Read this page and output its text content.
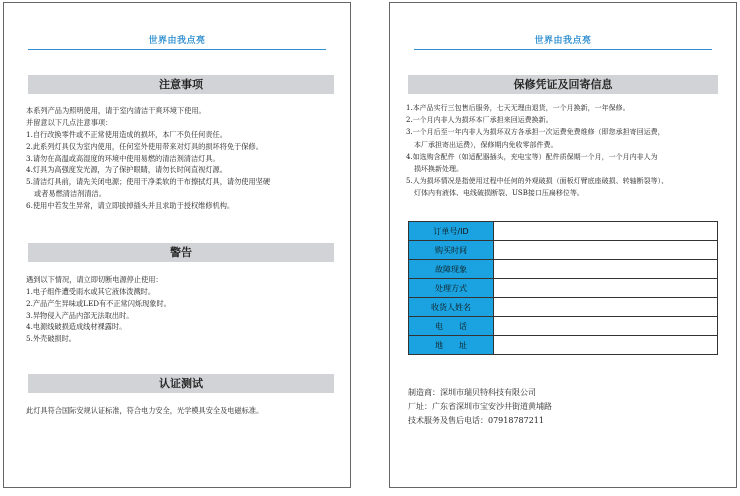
世界由我点亮
注意事项
本系列产品为照明使用，请于室内清洁干爽环境下使用。
并留意以下几点注意事项：
1.自行改换零件或不正常使用造成的损坏，本厂不负任何责任。
2.此系列灯具仅为室内使用，任何室外使用带来对灯具的损坏将免于保修。
3.请勿在高温或高湿度的环境中使用易燃的清洁剂清洁灯具。
4.灯具为高强度发光源，为了保护眼睛，请勿长时间直视灯源。
5.清洁灯具前，请先关闭电源；使用干净柔软的干布擦拭灯具，请勿使用坚硬
或者易燃清洁剂清洁。
6.使用中若发生异常，请立即拔掉插头并且求助于授权维修机构。
警告
遇到以下情况，请立即切断电源停止使用：
1.电子组件遭受雨水或其它液体泼溅时。
2.产品产生异味或LED有不正常闪烁现象时。
3.异物侵入产品内部无法取出时。
4.电源线破损造成线材裸露时。
5.外壳破损时。
认证测试
此灯具符合国际安规认证标准，符合电力安全，光学模具安全及电磁标准。
世界由我点亮
保修凭证及回寄信息
1.本产品实行三包售后服务，七天无理由退货，一个月换新，一年保修。
2.一个月内非人为损坏本厂承担来回运费换新。
3.一个月后至一年内非人为损坏双方各承担一次运费免费维修（即您承担寄回运费，
本厂承担寄出运费），保修期内免收零部件费。
4.如选购含配件（如适配器插头，充电宝等）配件质保期一个月，一个月内非人为
损坏换新处理。
5.人为损坏情况是指使用过程中任何的外观破损（面板灯臂底座破损、转轴断裂等）、
灯体内有液体、电线破损断裂、USB接口压扁移位等。
订单号/ID	
购买时间	
故障现象	
处理方式	
收货人姓名	
电　　话	
地　　址	
制造商：深圳市瑞贝特科技有限公司
厂址：广东省深圳市宝安沙井街道黄埔路
技术服务及售后电话：07918787211
